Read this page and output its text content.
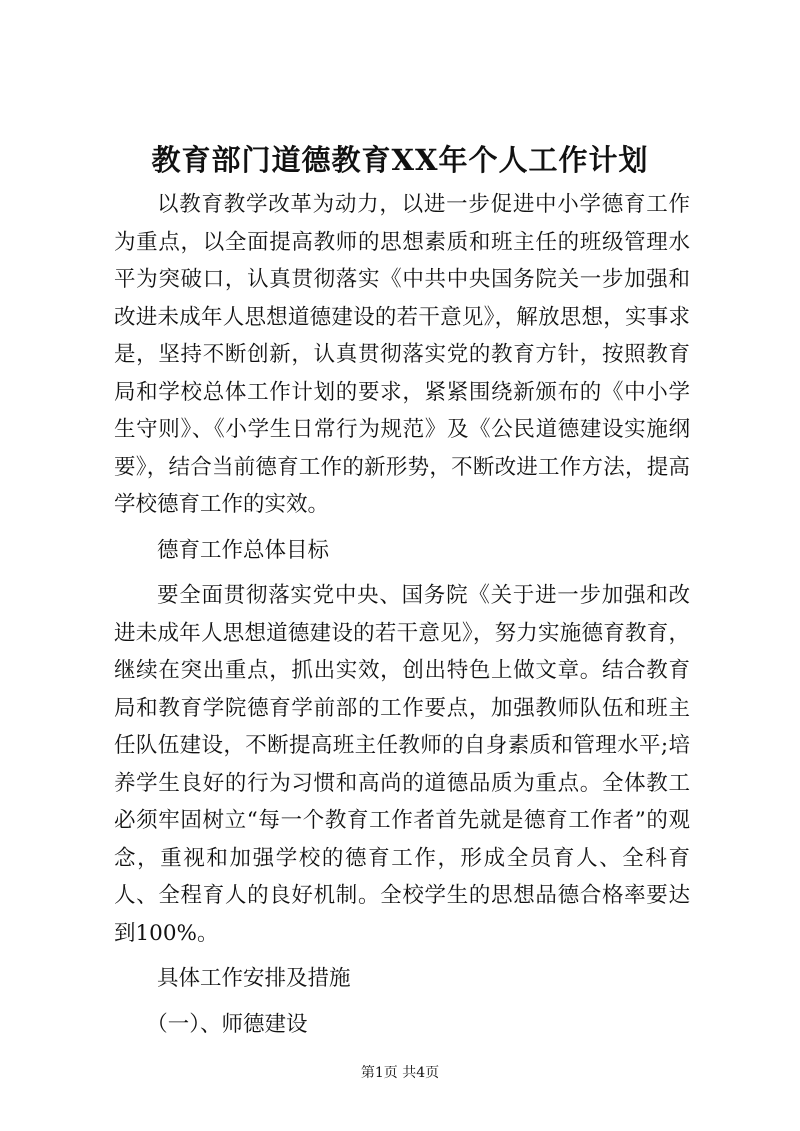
教育部门道德教育XX年个人工作计划

以教育教学改革为动力，以进一步促进中小学德育工作为重点，以全面提高教师的思想素质和班主任的班级管理水平为突破口，认真贯彻落实《中共中央国务院关一步加强和改进未成年人思想道德建设的若干意见》，解放思想，实事求是，坚持不断创新，认真贯彻落实党的教育方针，按照教育局和学校总体工作计划的要求，紧紧围绕新颁布的《中小学生守则》、《小学生日常行为规范》及《公民道德建设实施纲要》，结合当前德育工作的新形势，不断改进工作方法，提高学校德育工作的实效。

德育工作总体目标

要全面贯彻落实党中央、国务院《关于进一步加强和改进未成年人思想道德建设的若干意见》，努力实施德育教育，继续在突出重点，抓出实效，创出特色上做文章。结合教育局和教育学院德育学前部的工作要点，加强教师队伍和班主任队伍建设，不断提高班主任教师的自身素质和管理水平;培养学生良好的行为习惯和高尚的道德品质为重点。全体教工必须牢固树立“每一个教育工作者首先就是德育工作者”的观念，重视和加强学校的德育工作，形成全员育人、全科育人、全程育人的良好机制。全校学生的思想品德合格率要达到100%。

具体工作安排及措施

（一）、师德建设

第1页 共4页
